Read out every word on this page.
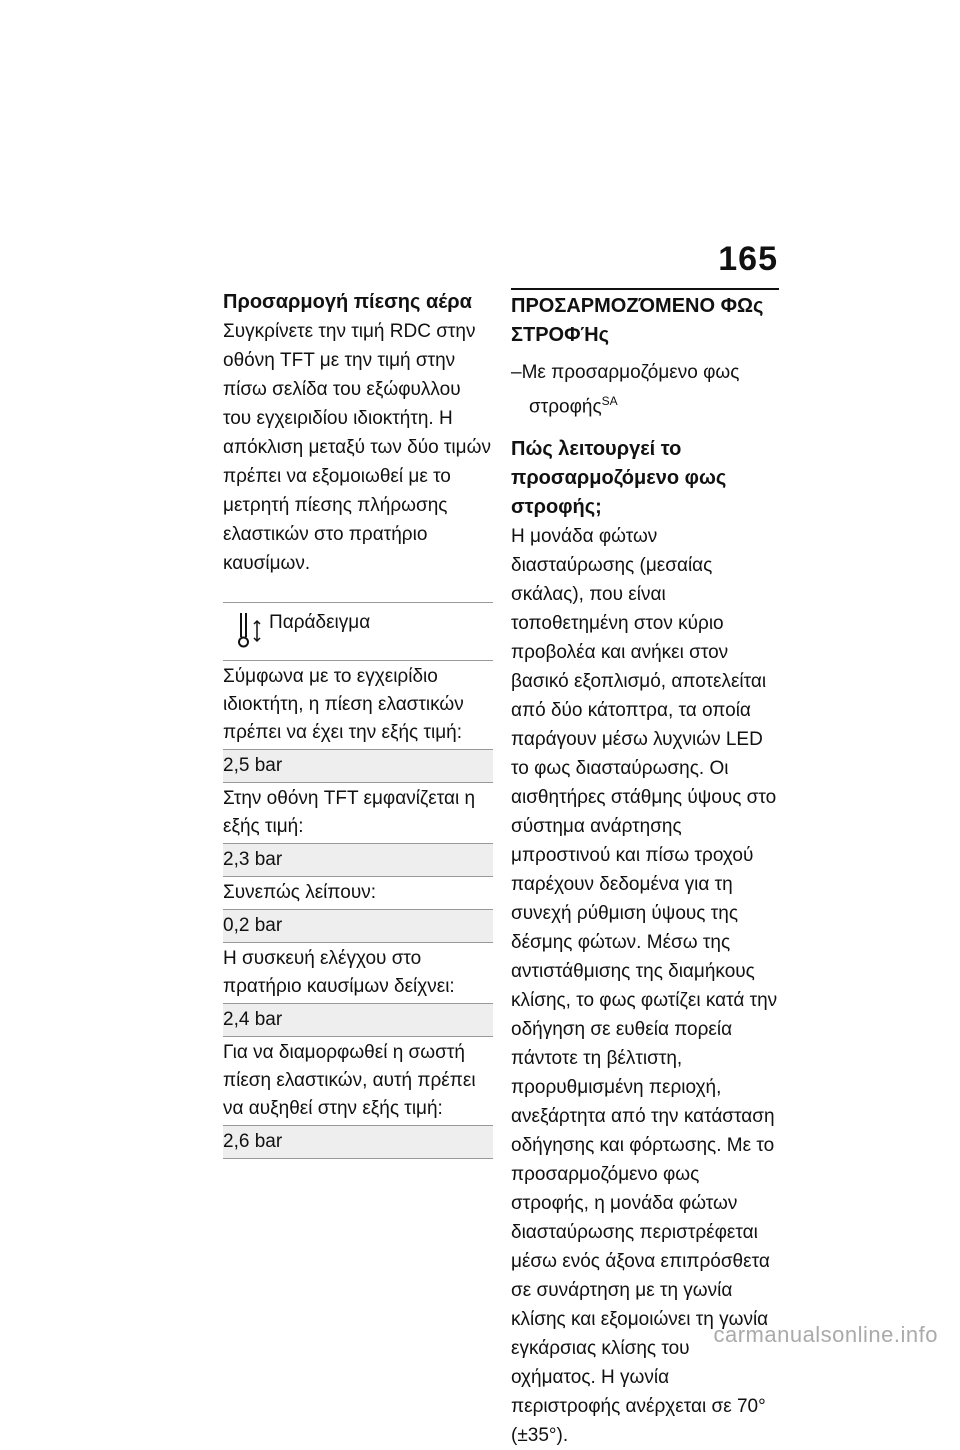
165

Προσαρμογή πίεσης αέρα

Συγκρίνετε την τιμή RDC στην οθόνη TFT με την τιμή στην πίσω σελίδα του εξώφυλλου του εγχειριδίου ιδιοκτήτη. Η απόκλιση μεταξύ των δύο τιμών πρέπει να εξομοιωθεί με το μετρητή πίεσης πλήρωσης ελαστικών στο πρατήριο καυσίμων.

Παράδειγμα
Σύμφωνα με το εγχειρίδιο ιδιοκτήτη, η πίεση ελαστικών πρέπει να έχει την εξής τιμή:
2,5 bar
Στην οθόνη TFT εμφανίζεται η εξής τιμή:
2,3 bar
Συνεπώς λείπουν:
0,2 bar
Η συσκευή ελέγχου στο πρατήριο καυσίμων δείχνει:
2,4 bar
Για να διαμορφωθεί η σωστή πίεση ελαστικών, αυτή πρέπει να αυξηθεί στην εξής τιμή:
2,6 bar

ΠΡΟΣΑΡΜΟΖΌΜΕΝΟ ΦΩς ΣΤΡΟΦΉς

–Με προσαρμοζόμενο φως στροφής$^{SA}$

Πώς λειτουργεί το προσαρμοζόμενο φως στροφής;

Η μονάδα φώτων διασταύρωσης (μεσαίας σκάλας), που είναι τοποθετημένη στον κύριο προβολέα και ανήκει στον βασικό εξοπλισμό, αποτελείται από δύο κάτοπτρα, τα οποία παράγουν μέσω λυχνιών LED το φως διασταύρωσης. Οι αισθητήρες στάθμης ύψους στο σύστημα ανάρτησης μπροστινού και πίσω τροχού παρέχουν δεδομένα για τη συνεχή ρύθμιση ύψους της δέσμης φώτων. Μέσω της αντιστάθμισης της διαμήκους κλίσης, το φως φωτίζει κατά την οδήγηση σε ευθεία πορεία πάντοτε τη βέλτιστη, προρυθμισμένη περιοχή, ανεξάρτητα από την κατάσταση οδήγησης και φόρτωσης. Με το προσαρμοζόμενο φως στροφής, η μονάδα φώτων διασταύρωσης περιστρέφεται μέσω ενός άξονα επιπρόσθετα σε συνάρτηση με τη γωνία κλίσης και εξομοιώνει τη γωνία εγκάρσιας κλίσης του οχήματος. Η γωνία περιστροφής ανέρχεται σε 70° (±35°).

carmanualsonline.info
